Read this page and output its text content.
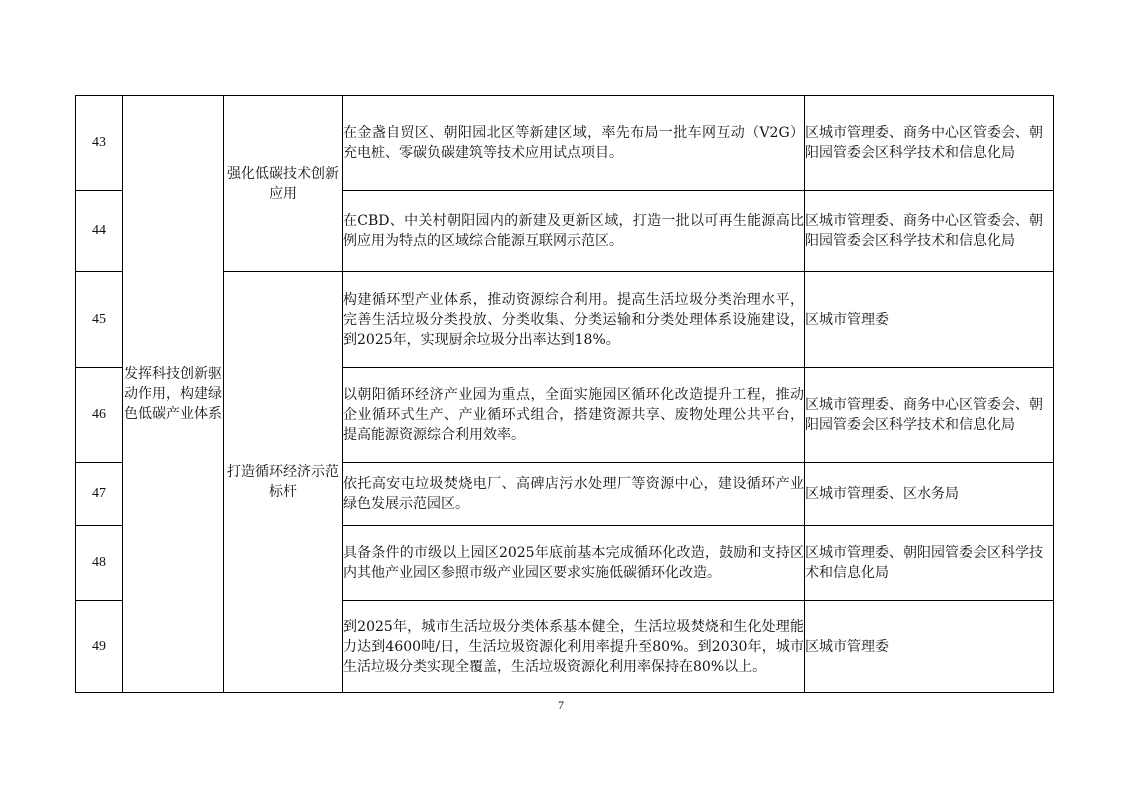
43	发挥科技创新驱动作用，构建绿色低碳产业体系	强化低碳技术创新应用	在金盏自贸区、朝阳园北区等新建区域，率先布局一批车网互动（V2G）充电桩、零碳负碳建筑等技术应用试点项目。	区城市管理委、商务中心区管委会、朝阳园管委会区科学技术和信息化局
44			在CBD、中关村朝阳园内的新建及更新区域，打造一批以可再生能源高比例应用为特点的区域综合能源互联网示范区。	区城市管理委、商务中心区管委会、朝阳园管委会区科学技术和信息化局
45		打造循环经济示范标杆	构建循环型产业体系，推动资源综合利用。提高生活垃圾分类治理水平，完善生活垃圾分类投放、分类收集、分类运输和分类处理体系设施建设，到2025年，实现厨余垃圾分出率达到18%。	区城市管理委
46			以朝阳循环经济产业园为重点，全面实施园区循环化改造提升工程，推动企业循环式生产、产业循环式组合，搭建资源共享、废物处理公共平台，提高能源资源综合利用效率。	区城市管理委、商务中心区管委会、朝阳园管委会区科学技术和信息化局
47			依托高安屯垃圾焚烧电厂、高碑店污水处理厂等资源中心，建设循环产业绿色发展示范园区。	区城市管理委、区水务局
48			具备条件的市级以上园区2025年底前基本完成循环化改造，鼓励和支持区内其他产业园区参照市级产业园区要求实施低碳循环化改造。	区城市管理委、朝阳园管委会区科学技术和信息化局
49			到2025年，城市生活垃圾分类体系基本健全，生活垃圾焚烧和生化处理能力达到4600吨/日，生活垃圾资源化利用率提升至80%。到2030年，城市生活垃圾分类实现全覆盖，生活垃圾资源化利用率保持在80%以上。	区城市管理委
7
